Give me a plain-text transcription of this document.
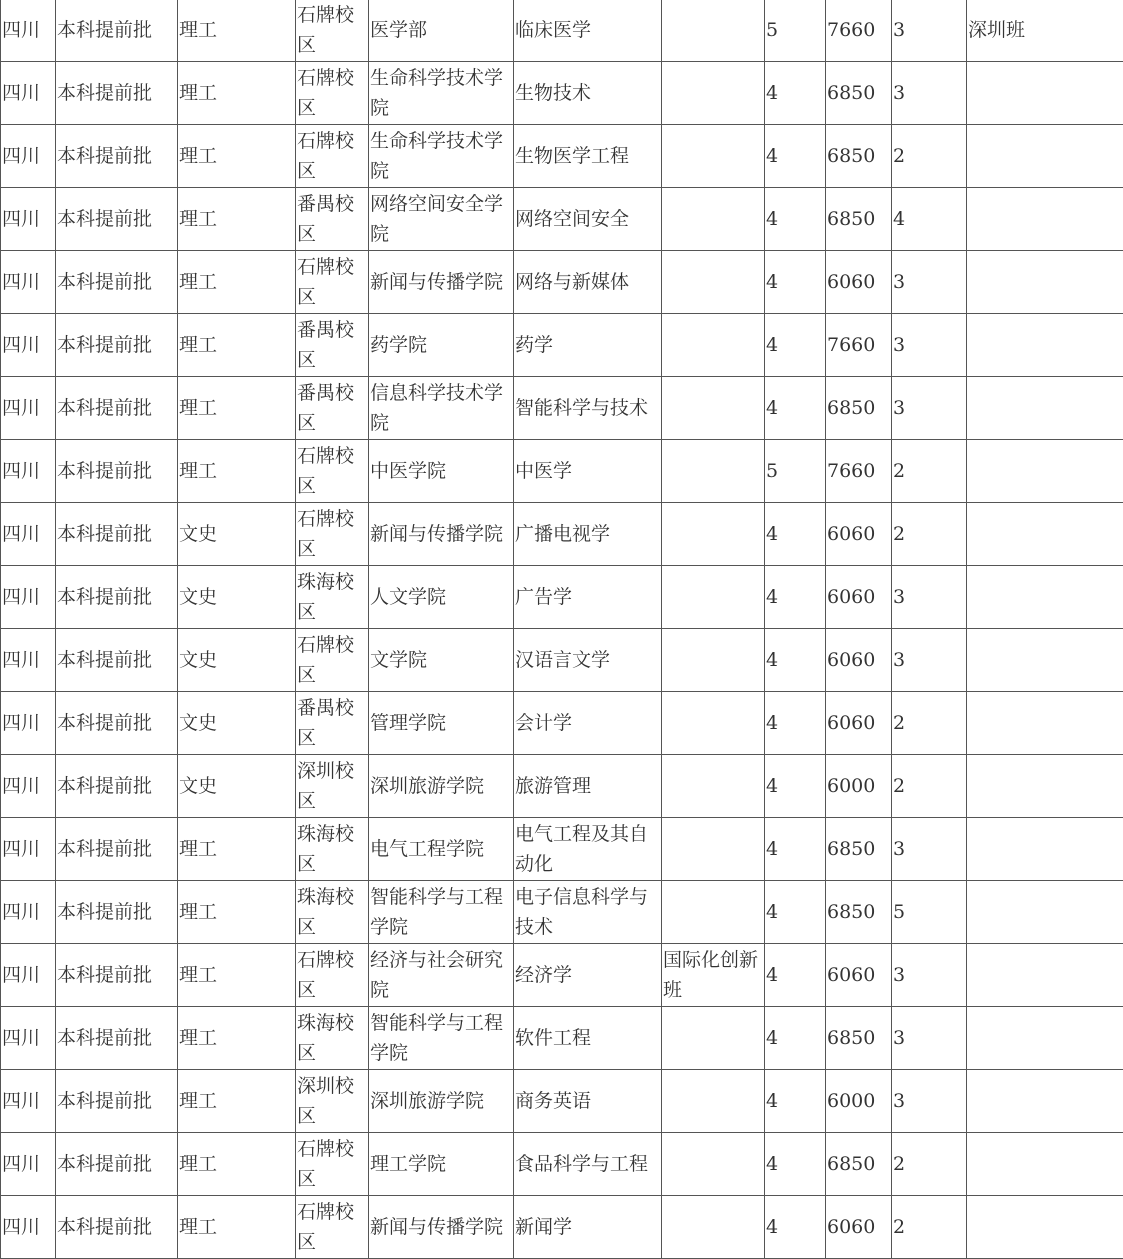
四川	本科提前批	理工	石牌校区	医学部	临床医学		5	7660	3	深圳班
四川	本科提前批	理工	石牌校区	生命科学技术学院	生物技术		4	6850	3	
四川	本科提前批	理工	石牌校区	生命科学技术学院	生物医学工程		4	6850	2	
四川	本科提前批	理工	番禺校区	网络空间安全学院	网络空间安全		4	6850	4	
四川	本科提前批	理工	石牌校区	新闻与传播学院	网络与新媒体		4	6060	3	
四川	本科提前批	理工	番禺校区	药学院	药学		4	7660	3	
四川	本科提前批	理工	番禺校区	信息科学技术学院	智能科学与技术		4	6850	3	
四川	本科提前批	理工	石牌校区	中医学院	中医学		5	7660	2	
四川	本科提前批	文史	石牌校区	新闻与传播学院	广播电视学		4	6060	2	
四川	本科提前批	文史	珠海校区	人文学院	广告学		4	6060	3	
四川	本科提前批	文史	石牌校区	文学院	汉语言文学		4	6060	3	
四川	本科提前批	文史	番禺校区	管理学院	会计学		4	6060	2	
四川	本科提前批	文史	深圳校区	深圳旅游学院	旅游管理		4	6000	2	
四川	本科提前批	理工	珠海校区	电气工程学院	电气工程及其自动化		4	6850	3	
四川	本科提前批	理工	珠海校区	智能科学与工程学院	电子信息科学与技术		4	6850	5	
四川	本科提前批	理工	石牌校区	经济与社会研究院	经济学	国际化创新班	4	6060	3	
四川	本科提前批	理工	珠海校区	智能科学与工程学院	软件工程		4	6850	3	
四川	本科提前批	理工	深圳校区	深圳旅游学院	商务英语		4	6000	3	
四川	本科提前批	理工	石牌校区	理工学院	食品科学与工程		4	6850	2	
四川	本科提前批	理工	石牌校区	新闻与传播学院	新闻学		4	6060	2	
